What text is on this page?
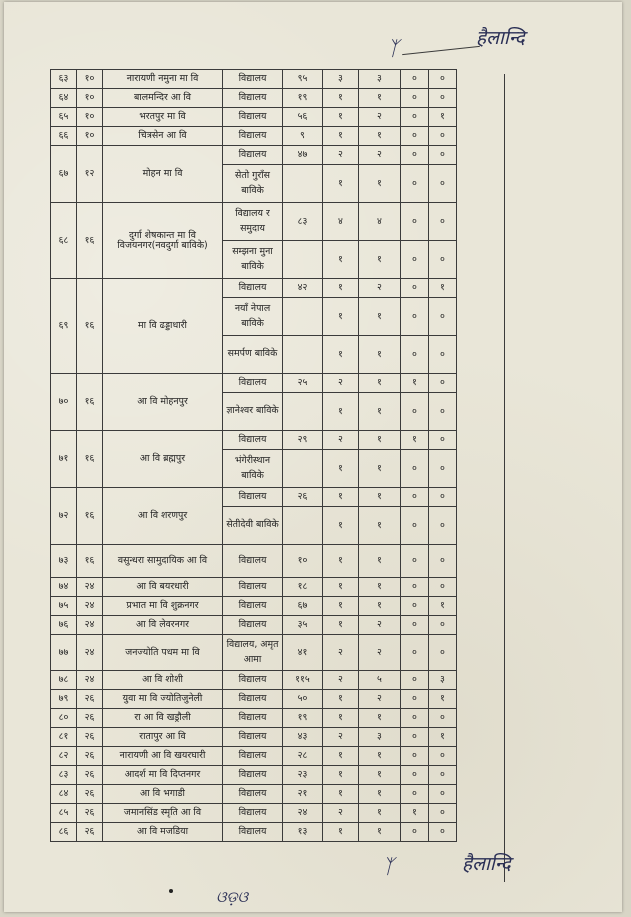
ᛉ	हैलान्दि
६३	१०	नारायणी नमुना मा वि	विद्यालय	९५	३	३	०	०
६४	१०	बालमन्दिर आ वि	विद्यालय	१९	१	१	०	०
६५	१०	भरतपुर मा वि	विद्यालय	५६	१	२	०	१
६६	१०	चित्रसेन आ वि	विद्यालय	९	१	१	०	०
६७	१२	मोहन मा वि	विद्यालय	४७	२	२	०	०
			सेतो गुराँस बाविके		१	१	०	०
६८	१६	दुर्गा शेषकान्त मा वि विजयनगर(नवदुर्गा बाविके)	विद्यालय र समुदाय	८३	४	४	०	०
			सम्झना मुना बाविके		१	१	०	०
६९	१६	मा वि ढड्डाधारी	विद्यालय	४२	१	२	०	१
			नयाँ नेपाल बाविके		१	१	०	०
			समर्पण बाविके		१	१	०	०
७०	१६	आ वि मोहनपुर	विद्यालय	२५	२	१	१	०
			ज्ञानेश्वर बाविके		१	१	०	०
७१	१६	आ वि ब्रह्मपुर	विद्यालय	२९	२	१	१	०
			भंगेरीस्थान बाविके		१	१	०	०
७२	१६	आ वि शरणपुर	विद्यालय	२६	१	१	०	०
			सेतीदेवी बाविके		१	१	०	०
७३	१६	वसुन्धरा सामुदायिक आ वि	विद्यालय	१०	१	१	०	०
७४	२४	आ वि बयरधारी	विद्यालय	१८	१	१	०	०
७५	२४	प्रभात मा वि शुक्रनगर	विद्यालय	६७	१	१	०	१
७६	२४	आ वि लेवरनगर	विद्यालय	३५	१	२	०	०
७७	२४	जनज्योति पधम मा वि	विद्यालय, अमृत आमा	४१	२	२	०	०
७८	२४	आ वि शोशी	विद्यालय	११५	२	५	०	३
७९	२६	युवा मा वि ज्योतिजुनेली	विद्यालय	५०	१	२	०	१
८०	२६	रा आ वि खड्रौली	विद्यालय	१९	१	१	०	०
८१	२६	रातापुर आ वि	विद्यालय	४३	२	३	०	१
८२	२६	नारायणी आ वि खयरघारी	विद्यालय	२८	१	१	०	०
८३	२६	आदर्श मा वि दिप्तनगर	विद्यालय	२३	१	१	०	०
८४	२६	आ वि भगाडी	विद्यालय	२१	१	१	०	०
८५	२६	जमानसिंड स्मृति आ वि	विद्यालय	२४	२	१	१	०
८६	२६	आ वि मजडिया	विद्यालय	१३	१	१	०	०
ᛉ	हैलान्दि
ଓଡ଼ଓ
